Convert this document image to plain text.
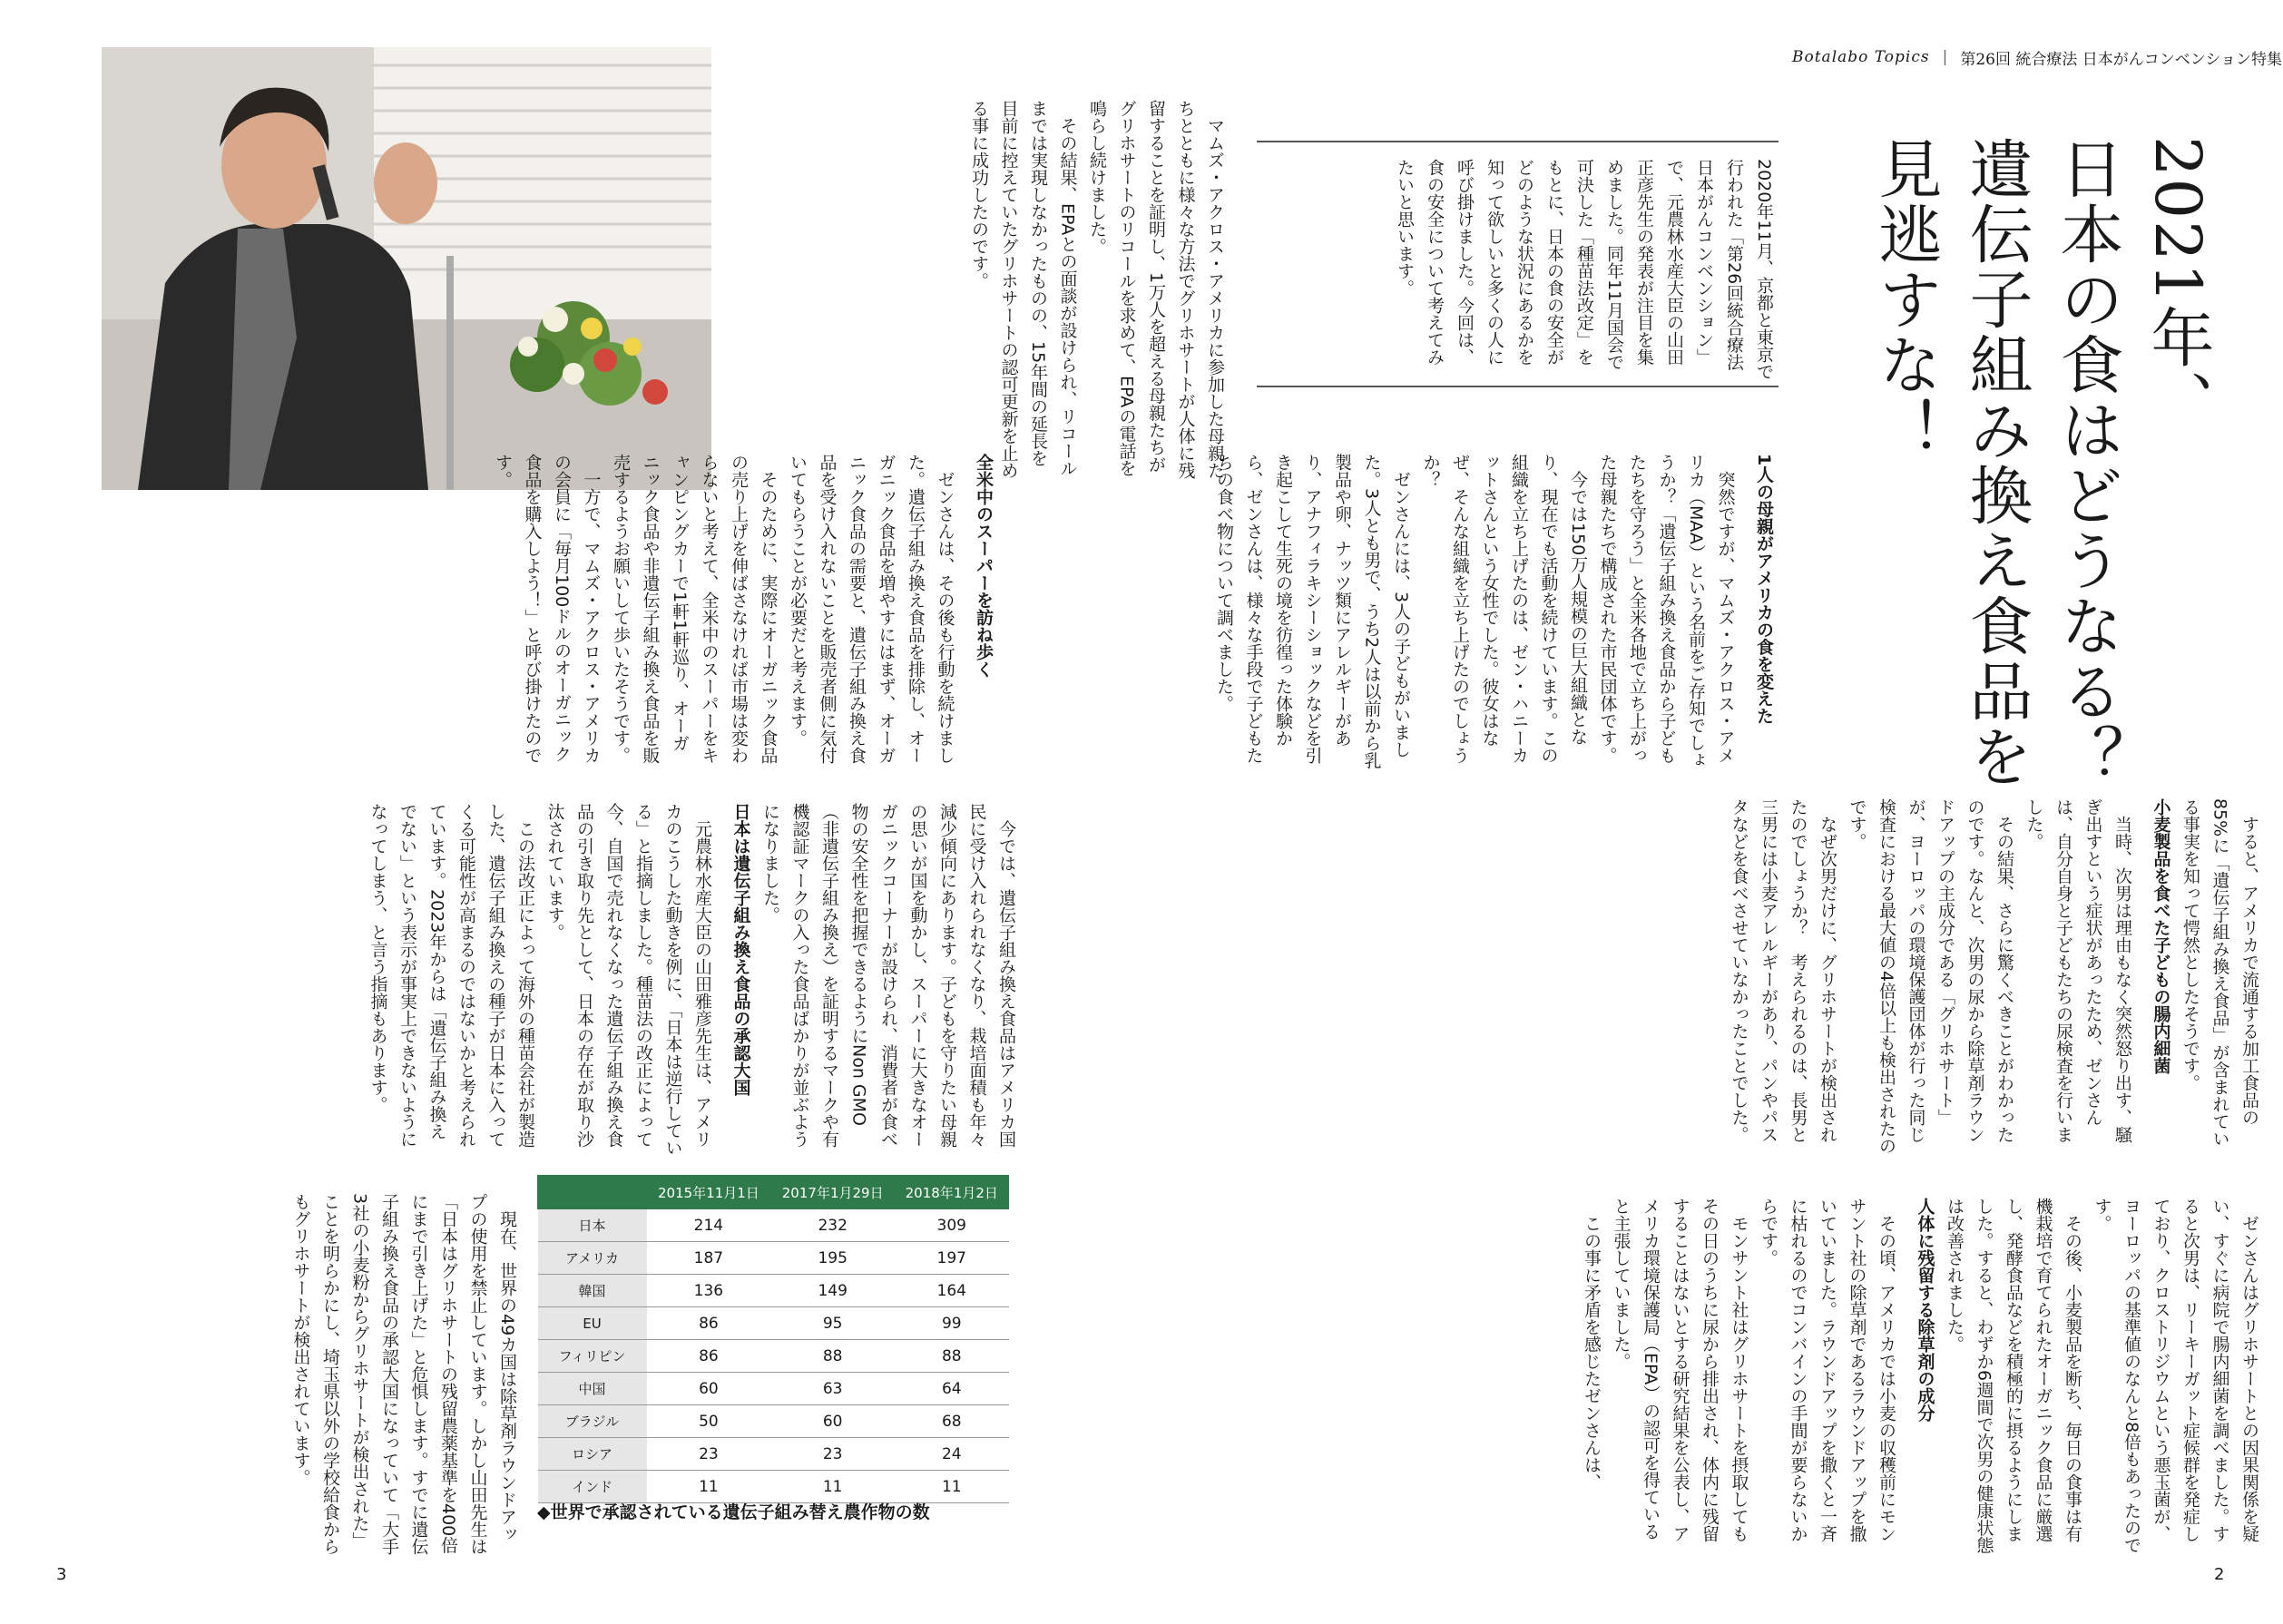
Botalabo Topics | 第26回 統合療法 日本がんコンベンション特集
2021年、
日本の食はどうなる？
遺伝子組み換え食品を
見逃すな！
2020年11月、京都と東京で行われた「第26回統合療法日本がんコンベンション」で、元農林水産大臣の山田正彦先生の発表が注目を集めました。同年11月国会で可決した「種苗法改定」をもとに、日本の食の安全がどのような状況にあるかを知って欲しいと多くの人に呼び掛けました。今回は、食の安全について考えてみたいと思います。
1人の母親がアメリカの食を変えた

突然ですが、マムズ・アクロス・アメリカ（MAA）という名前をご存知でしょうか？「遺伝子組み換え食品から子どもたちを守ろう」と全米各地で立ち上がった母親たちで構成された市民団体です。

今では150万人規模の巨大組織となり、現在でも活動を続けています。この組織を立ち上げたのは、ゼン・ハニーカットさんという女性でした。彼女はなぜ、そんな組織を立ち上げたのでしょうか？

ゼンさんには、3人の子どもがいました。3人とも男で、うち2人は以前から乳製品や卵、ナッツ類にアレルギーがあり、アナフィラキシーショックなどを引き起こして生死の境を彷徨った体験から、ゼンさんは、様々な手段で子どもたちの食べ物について調べました。

すると、アメリカで流通する加工食品の85%に「遺伝子組み換え食品」が含まれている事実を知って愕然としたそうです。

小麦製品を食べた子どもの腸内細菌

当時、次男は理由もなく突然怒り出す、騒ぎ出すという症状があったため、ゼンさんは、自分自身と子どもたちの尿検査を行いました。

その結果、さらに驚くべきことがわかったのです。なんと、次男の尿から除草剤ラウンドアップの主成分である「グリホサート」が、ヨーロッパの環境保護団体が行った同じ検査における最大値の4倍以上も検出されたのです。

なぜ次男だけに、グリホサートが検出されたのでしょうか？　考えられるのは、長男と三男には小麦アレルギーがあり、パンやパスタなどを食べさせていなかったことでした。

ゼンさんはグリホサートとの因果関係を疑い、すぐに病院で腸内細菌を調べました。すると次男は、リーキーガット症候群を発症しており、クロストリジウムという悪玉菌が、ヨーロッパの基準値のなんと8倍もあったのです。

その後、小麦製品を断ち、毎日の食事は有機栽培で育てられたオーガニック食品に厳選し、発酵食品などを積極的に摂るようにしました。すると、わずか6週間で次男の健康状態は改善されました。

人体に残留する除草剤の成分

その頃、アメリカでは小麦の収穫前にモンサント社の除草剤であるラウンドアップを撒いていました。ラウンドアップを撒くと一斉に枯れるのでコンバインの手間が要らないからです。

モンサント社はグリホサートを摂取してもその日のうちに尿から排出され、体内に残留することはないとする研究結果を公表し、アメリカ環境保護局（EPA）の認可を得ていると主張していました。

この事に矛盾を感じたゼンさんは、

マムズ・アクロス・アメリカに参加した母親たちとともに様々な方法でグリホサートが人体に残留することを証明し、1万人を超える母親たちがグリホサートのリコールを求めて、EPAの電話を鳴らし続けました。

その結果、EPAとの面談が設けられ、リコールまでは実現しなかったものの、15年間の延長を目前に控えていたグリホサートの認可更新を止める事に成功したのです。

全米中のスーパーを訪ね歩く

ゼンさんは、その後も行動を続けました。遺伝子組み換え食品を排除し、オーガニック食品を増やすにはまず、オーガニック食品の需要と、遺伝子組み換え食品を受け入れないことを販売者側に気付いてもらうことが必要だと考えます。

そのために、実際にオーガニック食品の売り上げを伸ばさなければ市場は変わらないと考えて、全米中のスーパーをキャンピングカーで1軒1軒巡り、オーガニック食品や非遺伝子組み換え食品を販売するようお願いして歩いたそうです。

一方で、マムズ・アクロス・アメリカの会員に「毎月100ドルのオーガニック食品を購入しよう！」と呼び掛けたのです。

今では、遺伝子組み換え食品はアメリカ国民に受け入れられなくなり、栽培面積も年々減少傾向にあります。子どもを守りたい母親の思いが国を動かし、スーパーに大きなオーガニックコーナーが設けられ、消費者が食べ物の安全性を把握できるようにNon GMO（非遺伝子組み換え）を証明するマークや有機認証マークの入った食品ばかりが並ぶようになりました。

日本は遺伝子組み換え食品の承認大国

元農林水産大臣の山田雅彦先生は、アメリカのこうした動きを例に、「日本は逆行している」と指摘しました。種苗法の改正によって今、自国で売れなくなった遺伝子組み換え食品の引き取り先として、日本の存在が取り沙汰されています。

この法改正によって海外の種苗会社が製造した、遺伝子組み換えの種子が日本に入ってくる可能性が高まるのではないかと考えられています。2023年からは「遺伝子組み換えでない」という表示が事実上できないようになってしまう、と言う指摘もあります。

現在、世界の49カ国は除草剤ラウンドアップの使用を禁止しています。しかし山田先生は「日本はグリホサートの残留農薬基準を400倍にまで引き上げた」と危惧します。すでに遺伝子組み換え食品の承認大国になっていて「大手3社の小麦粉からグリホサートが検出された」ことを明らかにし、埼玉県以外の学校給食からもグリホサートが検出されています。

	2015年11月1日	2017年1月29日	2018年1月2日
日本	214	232	309
アメリカ	187	195	197
韓国	136	149	164
EU	86	95	99
フィリピン	86	88	88
中国	60	63	64
ブラジル	50	60	68
ロシア	23	23	24
インド	11	11	11
◆世界で承認されている遺伝子組み替え農作物の数
3	2
